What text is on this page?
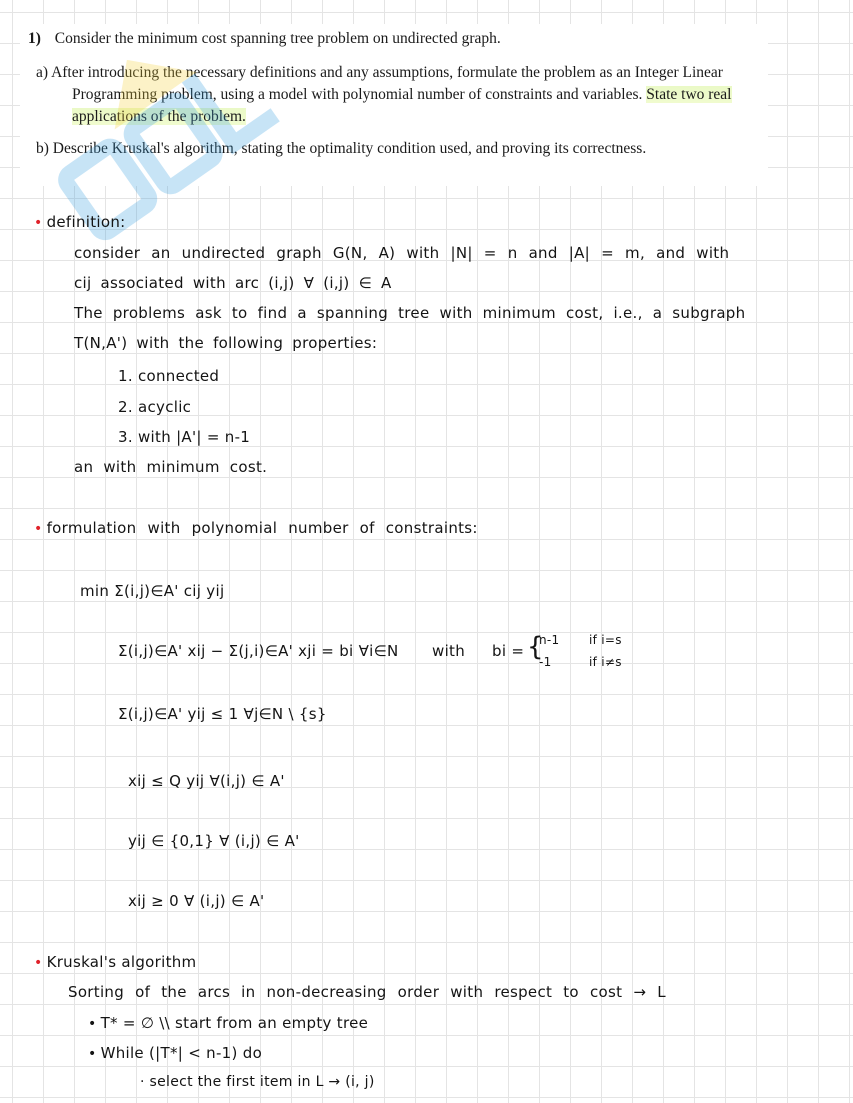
1) Consider the minimum cost spanning tree problem on undirected graph.
a) After introducing the necessary definitions and any assumptions, formulate the problem as an Integer Linear Programming problem, using a model with polynomial number of constraints and variables. State two real applications of the problem.
b) Describe Kruskal's algorithm, stating the optimality condition used, and proving its correctness.
• definition:
consider an undirected graph G(N, A) with |N| = n and |A| = m, and with
cij associated with arc (i,j) ∀ (i,j) ∈ A
The problems ask to find a spanning tree with minimum cost, i.e., a subgraph
T(N,A') with the following properties:
1. connected
2. acyclic
3. with |A'| = n-1
an with minimum cost.
• formulation with polynomial number of constraints:
min Σ(i,j)∈A' cij yij
Σ(i,j)∈A' xij − Σ(j,i)∈A' xji = bi ∀i∈N with bi = {
n-1 if i=s
-1	if i≠s
Σ(i,j)∈A' yij ≤ 1 ∀j∈N \ {s}
xij ≤ Q yij ∀(i,j) ∈ A'
yij ∈ {0,1} ∀ (i,j) ∈ A'
xij ≥ 0 ∀ (i,j) ∈ A'
• Kruskal's algorithm
Sorting of the arcs in non-decreasing order with respect to cost → L
• T* = ∅ \\ start from an empty tree
• While (|T*| < n-1) do
· select the first item in L → (i, j)
